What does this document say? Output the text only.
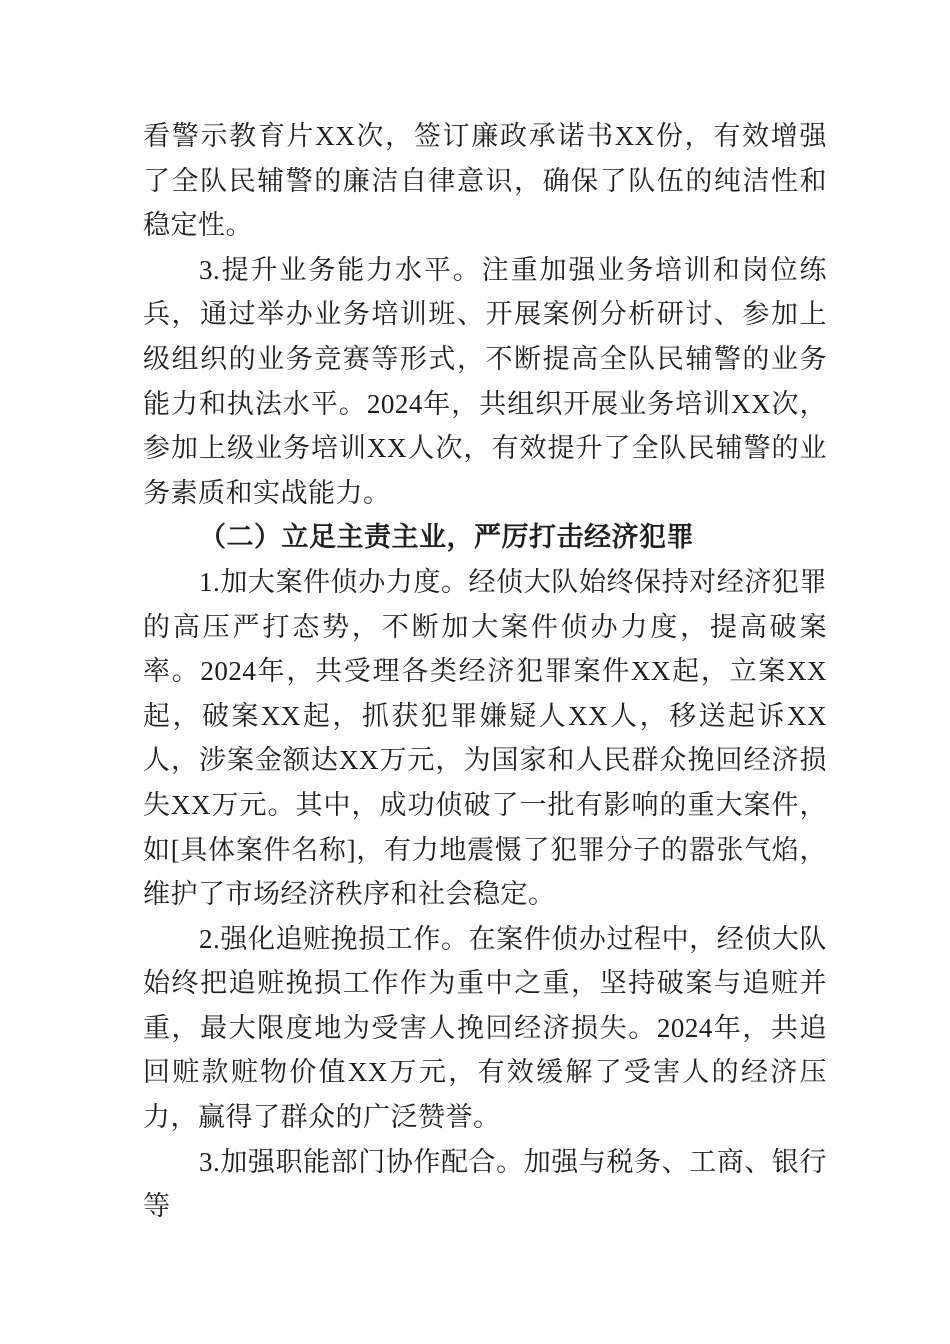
看警示教育片XX次，签订廉政承诺书XX份，有效增强了全队民辅警的廉洁自律意识，确保了队伍的纯洁性和稳定性。

3.提升业务能力水平。注重加强业务培训和岗位练兵，通过举办业务培训班、开展案例分析研讨、参加上级组织的业务竞赛等形式，不断提高全队民辅警的业务能力和执法水平。2024年，共组织开展业务培训XX次，参加上级业务培训XX人次，有效提升了全队民辅警的业务素质和实战能力。

（二）立足主责主业，严厉打击经济犯罪

1.加大案件侦办力度。经侦大队始终保持对经济犯罪的高压严打态势，不断加大案件侦办力度，提高破案率。2024年，共受理各类经济犯罪案件XX起，立案XX起，破案XX起，抓获犯罪嫌疑人XX人，移送起诉XX人，涉案金额达XX万元，为国家和人民群众挽回经济损失XX万元。其中，成功侦破了一批有影响的重大案件，如[具体案件名称]，有力地震慑了犯罪分子的嚣张气焰，维护了市场经济秩序和社会稳定。

2.强化追赃挽损工作。在案件侦办过程中，经侦大队始终把追赃挽损工作作为重中之重，坚持破案与追赃并重，最大限度地为受害人挽回经济损失。2024年，共追回赃款赃物价值XX万元，有效缓解了受害人的经济压力，赢得了群众的广泛赞誉。

3.加强职能部门协作配合。加强与税务、工商、银行等
